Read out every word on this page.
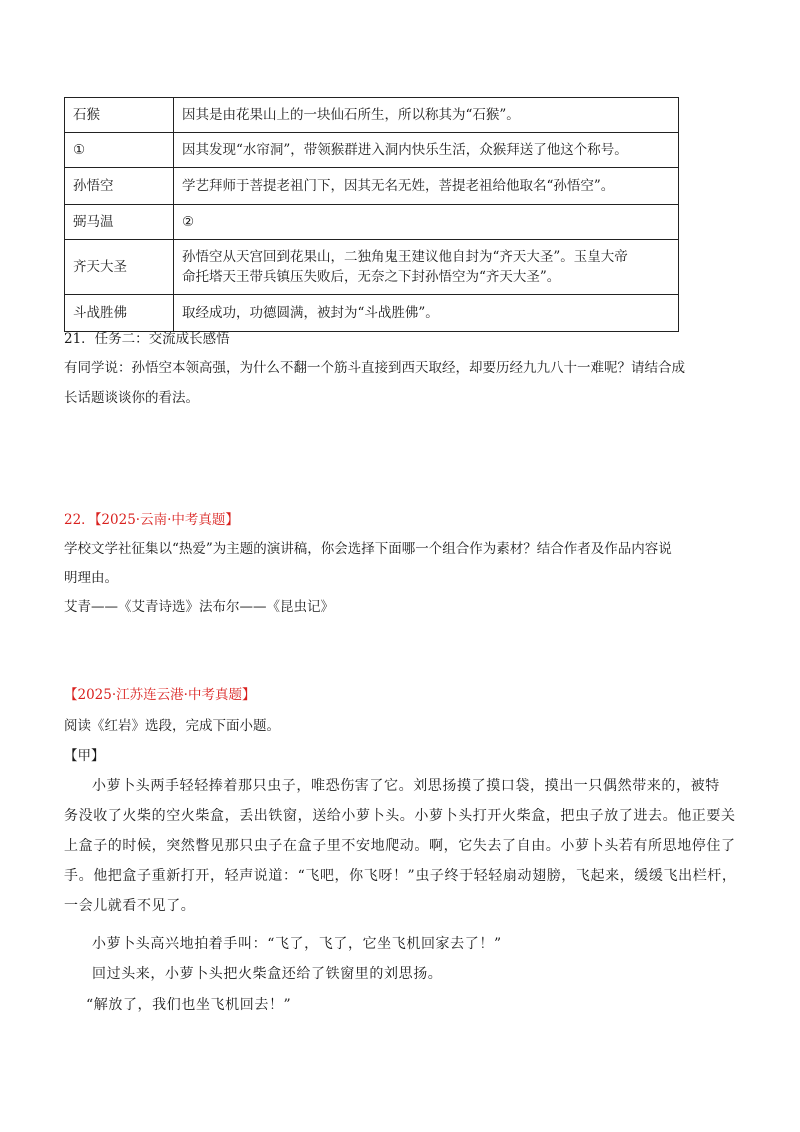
石猴	因其是由花果山上的一块仙石所生，所以称其为“石猴”。
①	因其发现“水帘洞”，带领猴群进入洞内快乐生活，众猴拜送了他这个称号。
孙悟空	学艺拜师于菩提老祖门下，因其无名无姓，菩提老祖给他取名“孙悟空”。
弼马温	②
齐天大圣	孙悟空从天宫回到花果山，二独角鬼王建议他自封为“齐天大圣”。玉皇大帝
命托塔天王带兵镇压失败后，无奈之下封孙悟空为“齐天大圣”。

斗战胜佛	取经成功，功德圆满，被封为“斗战胜佛”。
21．任务二：交流成长感悟
有同学说：孙悟空本领高强，为什么不翻一个筋斗直接到西天取经，却要历经九九八十一难呢？请结合成
长话题谈谈你的看法。
22．【2025·云南·中考真题】
学校文学社征集以“热爱”为主题的演讲稿，你会选择下面哪一个组合作为素材？结合作者及作品内容说
明理由。
艾青——《艾青诗选》法布尔——《昆虫记》
【2025·江苏连云港·中考真题】
阅读《红岩》选段，完成下面小题。
【甲】
小萝卜头两手轻轻捧着那只虫子，唯恐伤害了它。刘思扬摸了摸口袋，摸出一只偶然带来的，被特
务没收了火柴的空火柴盒，丢出铁窗，送给小萝卜头。小萝卜头打开火柴盒，把虫子放了进去。他正要关
上盒子的时候，突然瞥见那只虫子在盒子里不安地爬动。啊，它失去了自由。小萝卜头若有所思地停住了
手。他把盒子重新打开，轻声说道：“飞吧，你飞呀！”虫子终于轻轻扇动翅膀，飞起来，缓缓飞出栏杆，
一会儿就看不见了。
小萝卜头高兴地拍着手叫：“飞了，飞了，它坐飞机回家去了！”
回过头来，小萝卜头把火柴盒还给了铁窗里的刘思扬。
“解放了，我们也坐飞机回去！”
